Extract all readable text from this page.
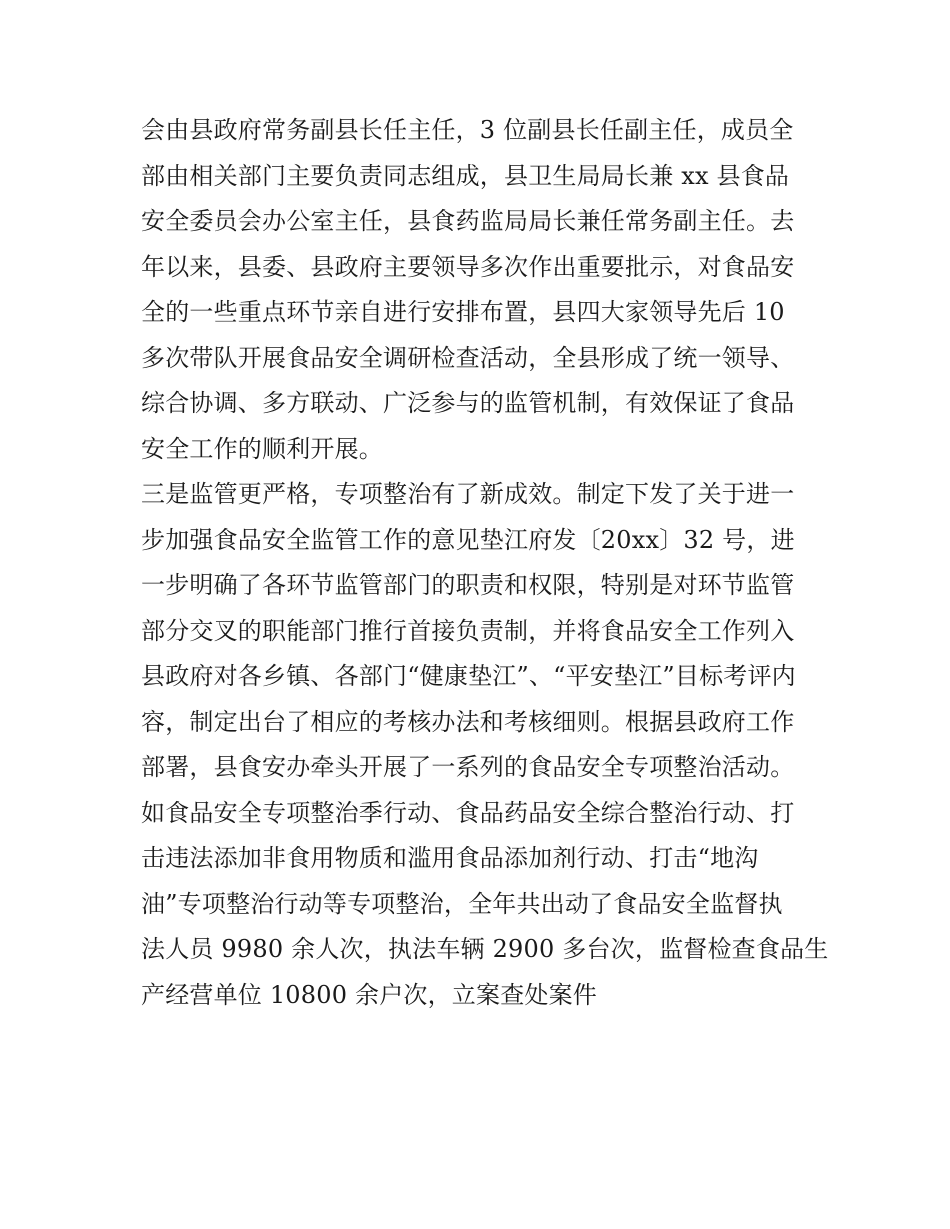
会由县政府常务副县长任主任，3 位副县长任副主任，成员全
部由相关部门主要负责同志组成，县卫生局局长兼 xx 县食品
安全委员会办公室主任，县食药监局局长兼任常务副主任。去
年以来，县委、县政府主要领导多次作出重要批示，对食品安
全的一些重点环节亲自进行安排布置，县四大家领导先后 10
多次带队开展食品安全调研检查活动，全县形成了统一领导、
综合协调、多方联动、广泛参与的监管机制，有效保证了食品
安全工作的顺利开展。
三是监管更严格，专项整治有了新成效。制定下发了关于进一
步加强食品安全监管工作的意见垫江府发〔20xx〕32 号，进
一步明确了各环节监管部门的职责和权限，特别是对环节监管
部分交叉的职能部门推行首接负责制，并将食品安全工作列入
县政府对各乡镇、各部门“健康垫江”、“平安垫江”目标考评内
容，制定出台了相应的考核办法和考核细则。根据县政府工作
部署，县食安办牵头开展了一系列的食品安全专项整治活动。
如食品安全专项整治季行动、食品药品安全综合整治行动、打
击违法添加非食用物质和滥用食品添加剂行动、打击“地沟
油”专项整治行动等专项整治，全年共出动了食品安全监督执
法人员 9980 余人次，执法车辆 2900 多台次，监督检查食品生
产经营单位 10800 余户次，立案查处案件
